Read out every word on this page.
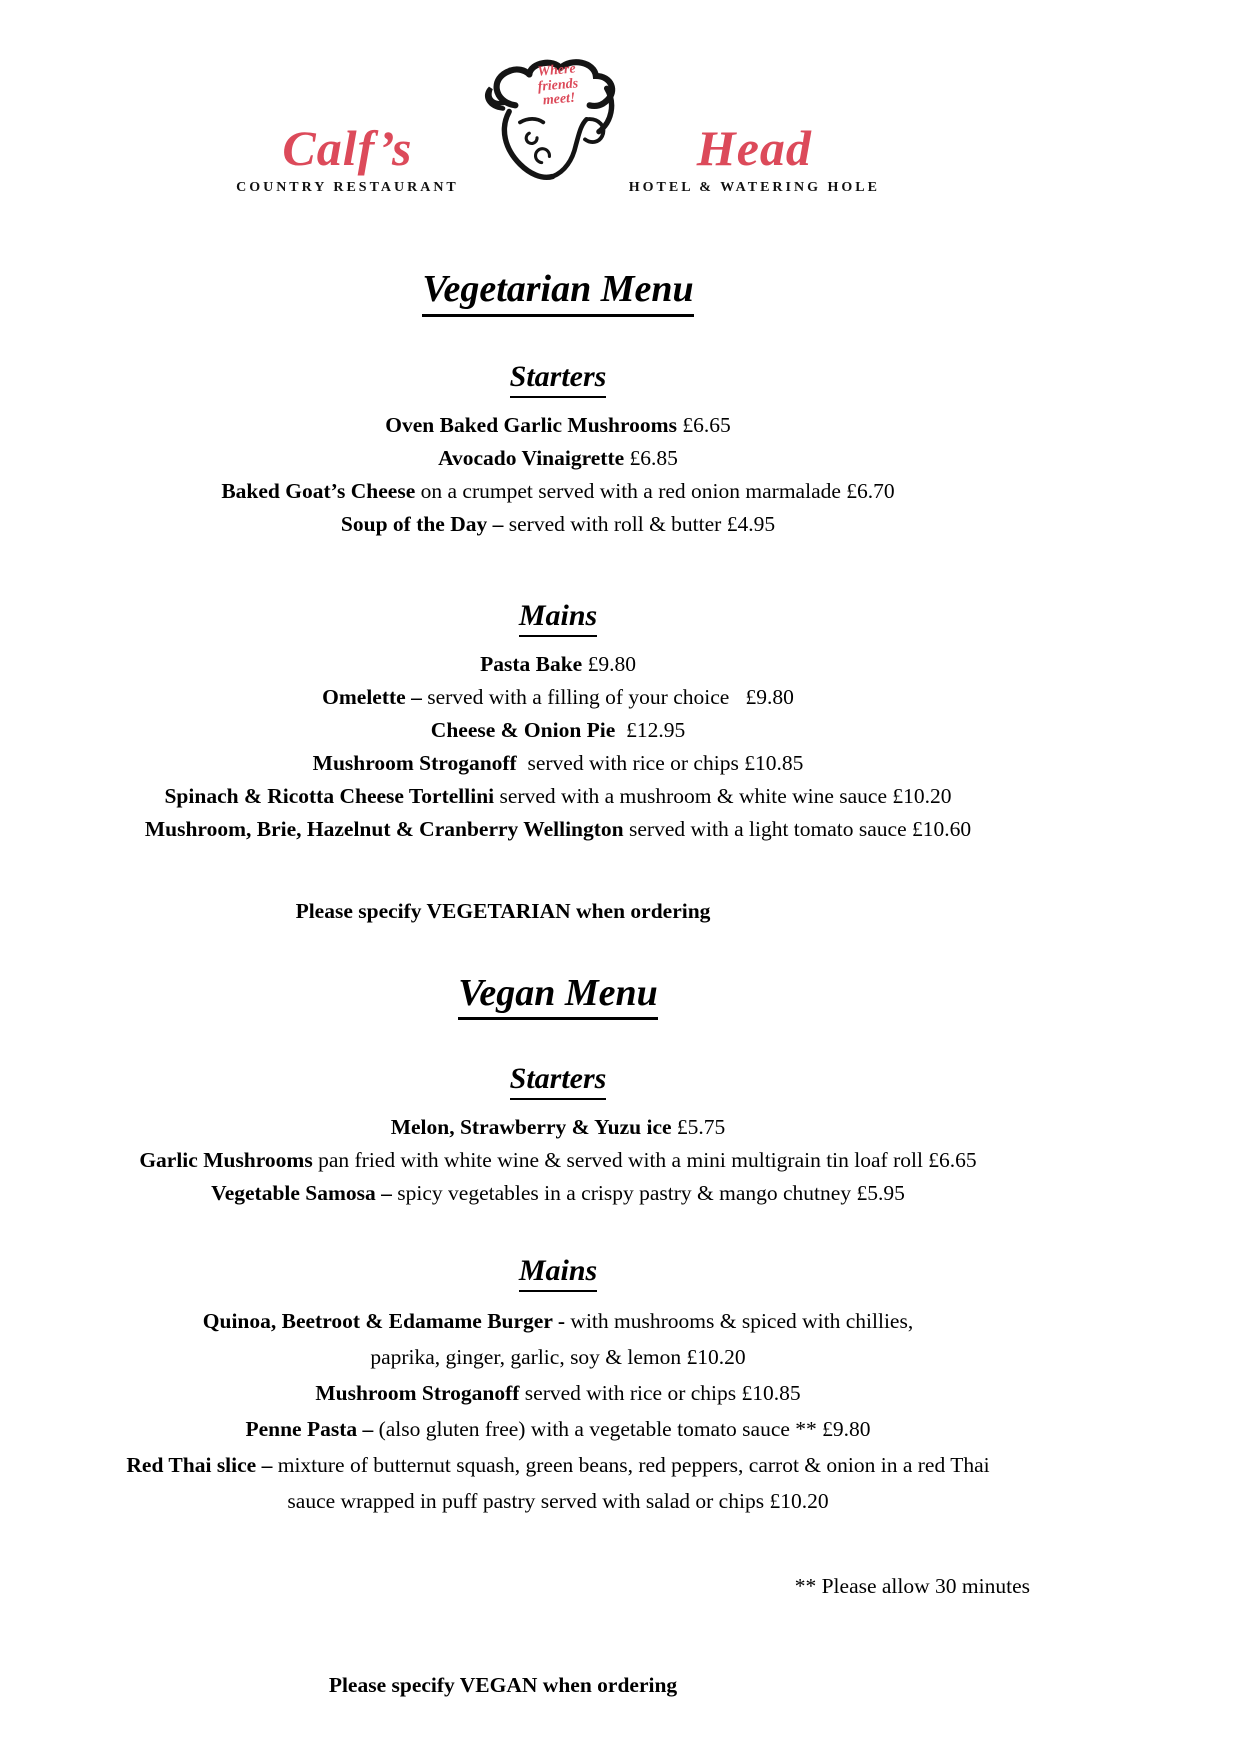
Calf’s
COUNTRY RESTAURANT
Where
friends
meet!
Head
HOTEL & WATERING HOLE
Vegetarian Menu
Starters
Oven Baked Garlic Mushrooms £6.65
Avocado Vinaigrette £6.85
Baked Goat’s Cheese on a crumpet served with a red onion marmalade £6.70
Soup of the Day – served with roll & butter £4.95
Mains
Pasta Bake £9.80
Omelette – served with a filling of your choice   £9.80
Cheese & Onion Pie  £12.95
Mushroom Stroganoff  served with rice or chips £10.85
Spinach & Ricotta Cheese Tortellini served with a mushroom & white wine sauce £10.20
Mushroom, Brie, Hazelnut & Cranberry Wellington served with a light tomato sauce £10.60
Please specify VEGETARIAN when ordering
Vegan Menu
Starters
Melon, Strawberry & Yuzu ice £5.75
Garlic Mushrooms pan fried with white wine & served with a mini multigrain tin loaf roll £6.65
Vegetable Samosa – spicy vegetables in a crispy pastry & mango chutney £5.95
Mains
Quinoa, Beetroot & Edamame Burger - with mushrooms & spiced with chillies,
paprika, ginger, garlic, soy & lemon £10.20
Mushroom Stroganoff served with rice or chips £10.85
Penne Pasta – (also gluten free) with a vegetable tomato sauce ** £9.80
Red Thai slice – mixture of butternut squash, green beans, red peppers, carrot & onion in a red Thai
sauce wrapped in puff pastry served with salad or chips £10.20
** Please allow 30 minutes
Please specify VEGAN when ordering
